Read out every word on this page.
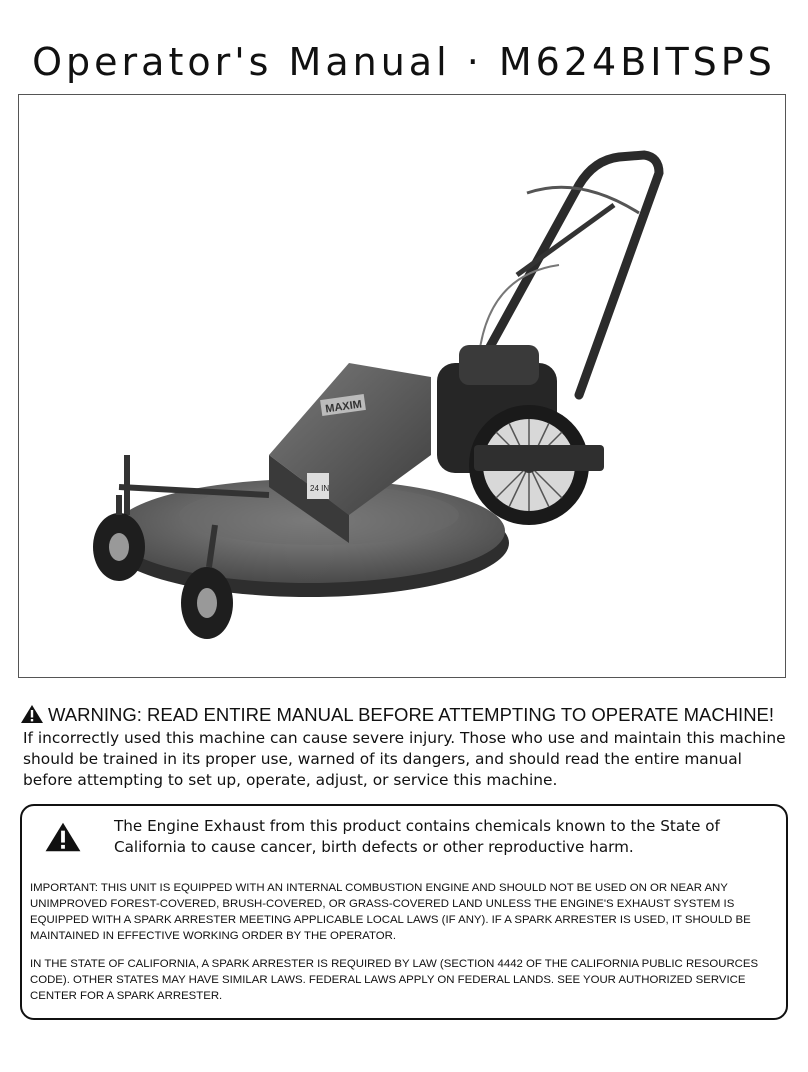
Operator's Manual · M624BITSPS
MAXIM
24 IN
WARNING: READ ENTIRE MANUAL BEFORE ATTEMPTING TO OPERATE MACHINE!
If incorrectly used this machine can cause severe injury. Those who use and maintain this machine should be trained in its proper use, warned of its dangers, and should read the entire manual before attempting to set up, operate, adjust, or service this machine.
The Engine Exhaust from this product contains chemicals known to the State of California to cause cancer, birth defects or other reproductive harm.
IMPORTANT: THIS UNIT IS EQUIPPED WITH AN INTERNAL COMBUSTION ENGINE AND SHOULD NOT BE USED ON OR NEAR ANY UNIMPROVED FOREST-COVERED, BRUSH-COVERED, OR GRASS-COVERED LAND UNLESS THE ENGINE'S EXHAUST SYSTEM IS EQUIPPED WITH A SPARK ARRESTER MEETING APPLICABLE LOCAL LAWS (IF ANY). IF A SPARK ARRESTER IS USED, IT SHOULD BE MAINTAINED IN EFFECTIVE WORKING ORDER BY THE OPERATOR.
IN THE STATE OF CALIFORNIA, A SPARK ARRESTER IS REQUIRED BY LAW (SECTION 4442 OF THE CALIFORNIA PUBLIC RESOURCES CODE). OTHER STATES MAY HAVE SIMILAR LAWS. FEDERAL LAWS APPLY ON FEDERAL LANDS. SEE YOUR AUTHORIZED SERVICE CENTER FOR A SPARK ARRESTER.
